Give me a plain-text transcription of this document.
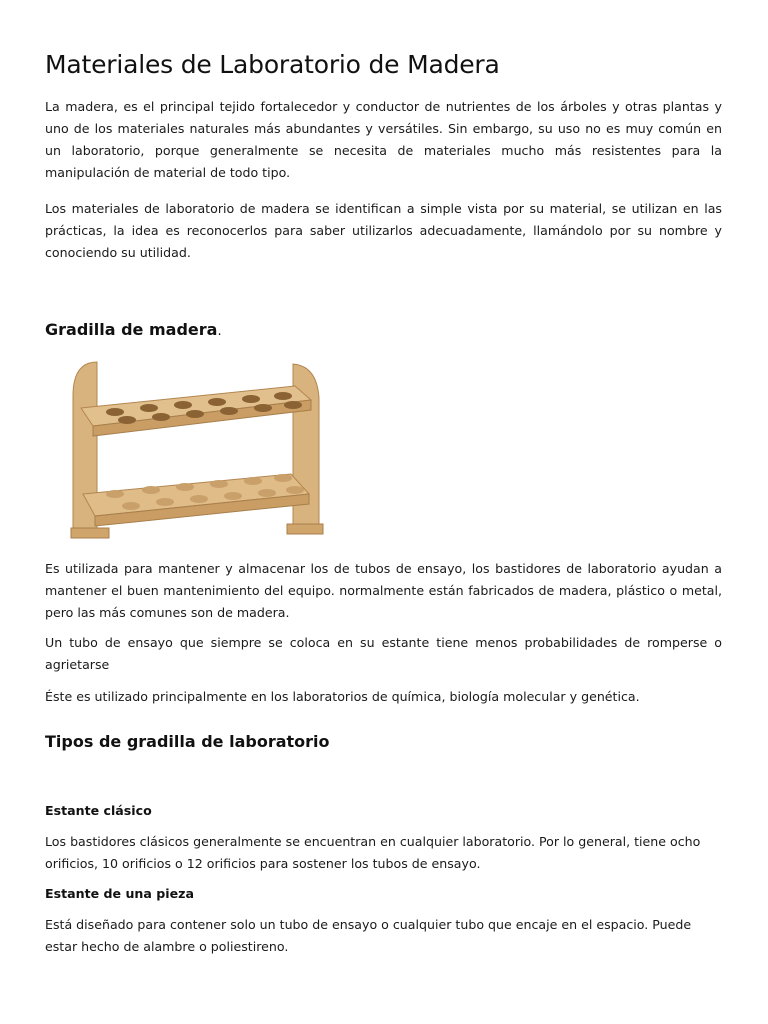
Materiales de Laboratorio de Madera

La madera, es el principal tejido fortalecedor y conductor de nutrientes de los árboles y otras plantas y uno de los materiales naturales más abundantes y versátiles. Sin embargo, su uso no es muy común en un laboratorio, porque generalmente se necesita de materiales mucho más resistentes para la manipulación de material de todo tipo.

Los materiales de laboratorio de madera se identifican a simple vista por su material, se utilizan en las prácticas, la idea es reconocerlos para saber utilizarlos adecuadamente, llamándolo por su nombre y conociendo su utilidad.

Gradilla de madera.

Es utilizada para mantener y almacenar los de tubos de ensayo, los bastidores de laboratorio ayudan a mantener el buen mantenimiento del equipo. normalmente están fabricados de madera, plástico o metal, pero las más comunes son de madera.

Un tubo de ensayo que siempre se coloca en su estante tiene menos probabilidades de romperse o agrietarse

Éste es utilizado principalmente en los laboratorios de química, biología molecular y genética.

Tipos de gradilla de laboratorio
Estante clásico

Los bastidores clásicos generalmente se encuentran en cualquier laboratorio. Por lo general, tiene ocho orificios, 10 orificios o 12 orificios para sostener los tubos de ensayo.

Estante de una pieza

Está diseñado para contener solo un tubo de ensayo o cualquier tubo que encaje en el espacio. Puede estar hecho de alambre o poliestireno.
